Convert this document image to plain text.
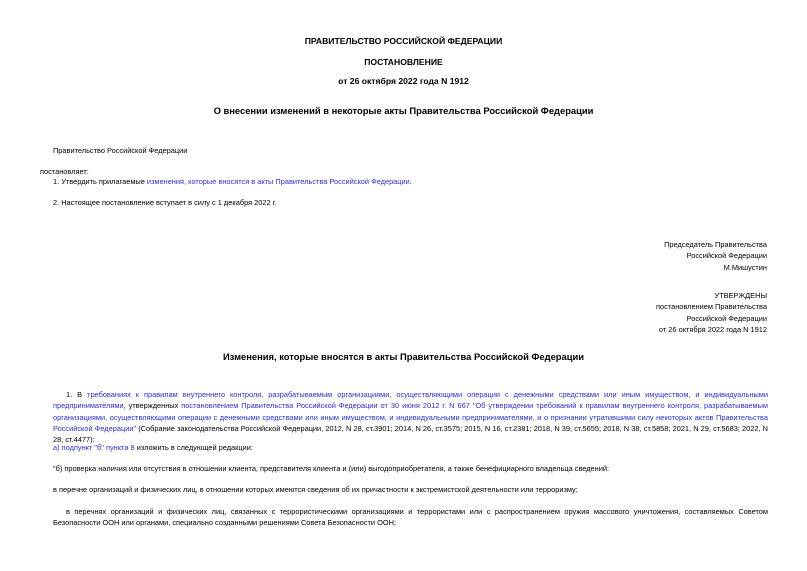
ПРАВИТЕЛЬСТВО РОССИЙСКОЙ ФЕДЕРАЦИИ
ПОСТАНОВЛЕНИЕ
от 26 октября 2022 года N 1912
О внесении изменений в некоторые акты Правительства Российской Федерации
Правительство Российской Федерации
постановляет:
1. Утвердить прилагаемые изменения, которые вносятся в акты Правительства Российской Федерации.
2. Настоящее постановление вступает в силу с 1 декабря 2022 г.
Председатель Правительства
Российской Федерации
М.Мишустин
УТВЕРЖДЕНЫ
постановлением Правительства
Российской Федерации
от 26 октября 2022 года N 1912
Изменения, которые вносятся в акты Правительства Российской Федерации
1. В требованиях к правилам внутреннего контроля, разрабатываемым организациями, осуществляющими операции с денежными средствами или иным имуществом, и индивидуальными предпринимателями, утвержденных постановлением Правительства Российской Федерации от 30 июня 2012 г. N 667 "Об утверждении требований к правилам внутреннего контроля, разрабатываемым организациями, осуществляющими операции с денежными средствами или иным имуществом, и индивидуальными предпринимателями, и о признании утратившими силу некоторых актов Правительства Российской Федерации" (Собрание законодательства Российской Федерации, 2012, N 28, ст.3901; 2014, N 26, ст.3575; 2015, N 16, ст.2381; 2018, N 39, ст.5655; 2018, N 38, ст.5858; 2021, N 29, ст.5683; 2022, N 28, ст.4477):
а) подпункт "б" пункта 8 изложить в следующей редакции:
"б) проверка наличия или отсутствия в отношении клиента, представителя клиента и (или) выгодоприобретателя, а также бенефициарного владельца сведений:
в перечне организаций и физических лиц, в отношении которых имеются сведения об их причастности к экстремистской деятельности или терроризму;
в перечнях организаций и физических лиц, связанных с террористическими организациями и террористами или с распространением оружия массового уничтожения, составляемых Советом Безопасности ООН или органами, специально созданными решениями Совета Безопасности ООН;
